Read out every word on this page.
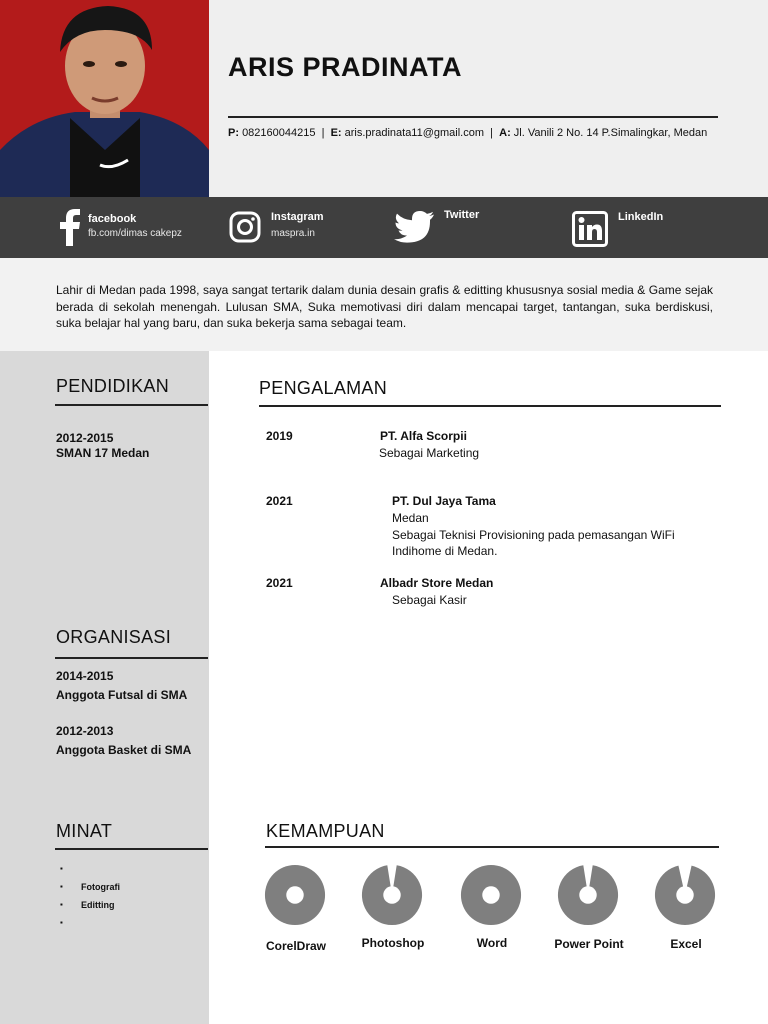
ARIS PRADINATA
P: 082160044215 | E: aris.pradinata11@gmail.com | A: Jl. Vanili 2 No. 14 P.Simalingkar, Medan
facebook
fb.com/dimas cakepz
Instagram
maspra.in
Twitter	LinkedIn

Lahir di Medan pada 1998, saya sangat tertarik dalam dunia desain grafis & editting khususnya sosial media & Game sejak berada di sekolah menengah. Lulusan SMA, Suka memotivasi diri dalam mencapai target, tantangan, suka berdiskusi, suka belajar hal yang baru, dan suka bekerja sama sebagai team.

PENDIDIKAN
2012-2015
SMAN 17 Medan
ORGANISASI
2014-2015
Anggota Futsal di SMA
2012-2013
Anggota Basket di SMA
MINAT
▪
▪ Fotografi
▪ Editting
▪
PENGALAMAN
2019	PT. Alfa Scorpii
Sebagai Marketing
2021	PT. Dul Jaya Tama
Medan
Sebagai Teknisi Provisioning pada pemasangan WiFi
Indihome di Medan.
2021	Albadr Store Medan
Sebagai Kasir
KEMAMPUAN
CorelDraw	Photoshop	Word	Power Point	Excel
